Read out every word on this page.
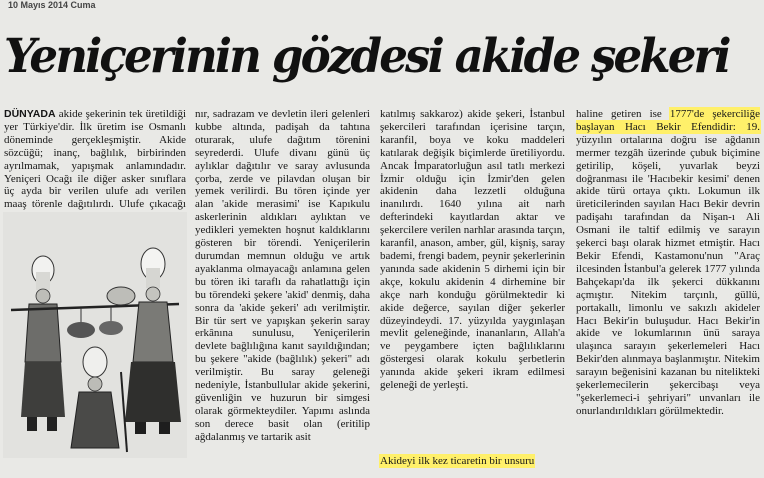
10 Mayıs 2014 Cuma
Yeniçerinin gözdesi akide şekeri
DÜNYADA akide şekerinin tek üretildiği yer Türkiye'dir. İlk üretim ise Osmanlı döneminde gerçekleşmiştir. Akide sözcüğü; inanç, bağlılık, birbirinden ayrılmamak, yapışmak anlamındadır. Yeniçeri Ocağı ile diğer asker sınıflara üç ayda bir verilen ulufe adı verilen maaş törenle dağıtılırdı. Ulufe çıkacağı
nır, sadrazam ve devletin ileri gelenleri kubbe altında, padişah da tahtına oturarak, ulufe dağıtım törenini seyrederdi. Ulufe divanı günü üç aylıklar dağıtılır ve saray avlusunda çorba, zerde ve pilavdan oluşan bir yemek verilirdi. Bu tören içinde yer alan 'akide merasimi' ise Kapıkulu askerlerinin aldıkları aylıktan ve yedikleri yemekten hoşnut kaldıklarını gösteren bir törendi. Yeniçerilerin durumdan memnun olduğu ve artık ayaklanma olmayacağı anlamına gelen bu tören iki taraflı da rahatlattığı için bu törendeki şekere 'akid' denmiş, daha sonra da 'akide şekeri' adı verilmiştir. Bir tür sert ve yapışkan şekerin saray erkânına sunulusu, Yeniçerilerin devlete bağlılığına kanıt sayıldığından; bu şekere "akide (bağlılık) şekeri" adı verilmiştir. Bu saray geleneği nedeniyle, İstanbullular akide şekerini, güvenliğin ve huzurun bir simgesi olarak görmekteydiler. Yapımı aslında son derece basit olan (eritilip ağdalanmış ve tartarik asit
katılmış sakkaroz) akide şekeri, İstanbul şekercileri tarafından içerisine tarçın, karanfil, boya ve koku maddeleri katılarak değişik biçimlerde üretiliyordu. Ancak İmparatorluğun asıl tatlı merkezi İzmir olduğu için İzmir'den gelen akidenin daha lezzetli olduğuna inanılırdı. 1640 yılına ait narh defterindeki kayıtlardan aktar ve şekercilere verilen narhlar arasında tarçın, karanfil, anason, amber, gül, kişniş, saray bademi, frengi badem, peynir şekerlerinin yanında sade akidenin 5 dirhemi için bir akçe, kokulu akidenin 4 dirhemine bir akçe narh konduğu görülmektedir ki akide değerce, sayılan diğer şekerler düzeyindeydi. 17. yüzyılda yaygınlaşan mevlit geleneğinde, inananların, Allah'a ve peygambere içten bağlılıklarını göstergesi olarak kokulu şerbetlerin yanında akide şekeri ikram edilmesi geleneği de yerleşti.
Akideyi ilk kez ticaretin bir unsuru
haline getiren ise 1777'de şekerciliğe başlayan Hacı Bekir Efendidir: 19. yüzyılın ortalarına doğru ise ağdanın mermer tezgâh üzerinde çubuk biçimine getirilip, köşeli, yuvarlak beyzi doğranması ile 'Hacıbekir kesimi' denen akide türü ortaya çıktı. Lokumun ilk üreticilerinden sayılan Hacı Bekir devrin padişahı tarafından da Nişan-ı Ali Osmani ile taltif edilmiş ve sarayın şekerci başı olarak hizmet etmiştir. Hacı Bekir Efendi, Kastamonu'nun "Araç ilcesinden İstanbul'a gelerek 1777 yılında Bahçekapı'da ilk şekerci dükkanını açmıştır. Nitekim tarçınlı, güllü, portakallı, limonlu ve sakızlı akideler Hacı Bekir'in buluşudur. Hacı Bekir'in akide ve lokumlarının ünü saraya ulaşınca sarayın şekerlemeleri Hacı Bekir'den alınmaya başlanmıştır. Nitekim sarayın beğenisini kazanan bu nitelikteki şekerlemecilerin şekercibaşı veya "şekerlemeci-i şehriyari" unvanları ile onurlandırıldıkları görülmektedir.
